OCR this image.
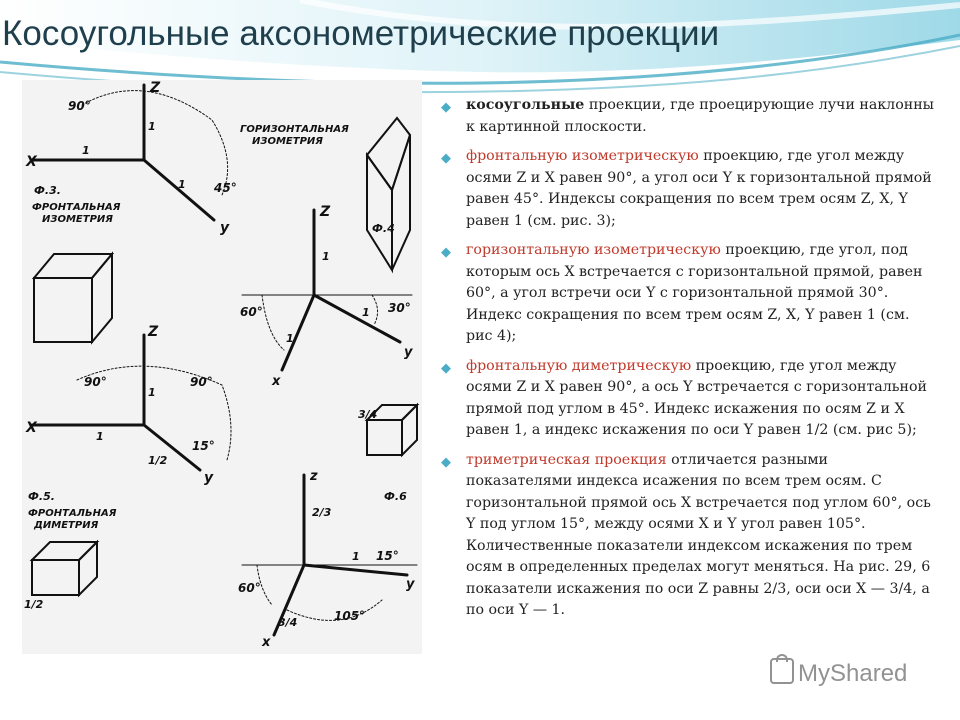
Косоугольные аксонометрические проекции
Z
X
y
90°
45°
1
1
1
Ф.3.
ФРОНТАЛЬНАЯ
ИЗОМЕТРИЯ
ГОРИЗОНТАЛЬНАЯ
ИЗОМЕТРИЯ
Z
x
y
60°	30°
1
1
1
Ф.4
Z
X
y
90°	90°
15°
1
1
1/2
3/4
Ф.5.
ФРОНТАЛЬНАЯ
ДИМЕТРИЯ
1/2
z
x
y
60°
15°
105°
2/3
3/4
1
Ф.6
◆ косоугольные проекции, где проецирующие лучи наклонны к картинной плоскости.
◆ фронтальную изометрическую проекцию, где угол между осями Z и X равен 90°, а угол оси Y к горизонтальной прямой равен 45°. Индексы сокращения по всем трем осям Z, X, Y равен 1 (см. рис. 3);
◆ горизонтальную изометрическую проекцию, где угол, под которым ось X встречается с горизонтальной прямой, равен 60°, а угол встречи оси Y с горизонтальной прямой 30°. Индекс сокращения по всем трем осям Z, X, Y равен 1 (см. рис 4);
◆ фронтальную диметрическую проекцию, где угол между осями Z и X равен 90°, а ось Y встречается с горизонтальной прямой под углом в 45°. Индекс искажения по осям Z и X равен 1, а индекс искажения по оси Y равен 1/2 (см. рис 5);
◆ триметрическая проекция отличается разными показателями индекса исажения по всем трем осям. С горизонтальной прямой ось X встречается под углом 60°, ось Y под углом 15°, между осями X и Y угол равен 105°. Количественные показатели индексом искажения по трем осям в определенных пределах могут меняться. На рис. 29, 6 показатели искажения по оси Z равны 2/3, оси оси X — 3/4, а по оси Y — 1.
MyShared
